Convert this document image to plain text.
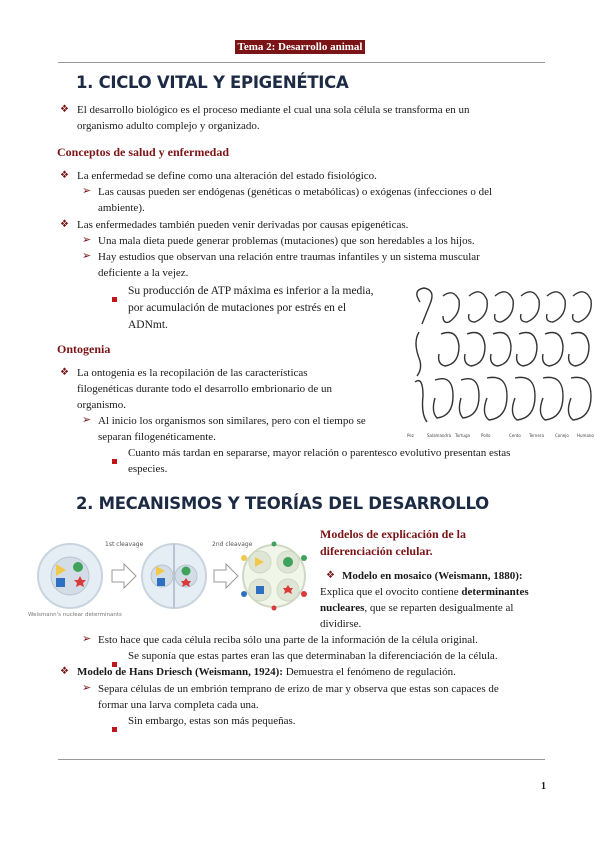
Tema 2: Desarrollo animal
1. CICLO VITAL Y EPIGENÉTICA
❖ El desarrollo biológico es el proceso mediante el cual una sola célula se transforma en un
organismo adulto complejo y organizado.
Conceptos de salud y enfermedad
❖ La enfermedad se define como una alteración del estado fisiológico.
➢ Las causas pueden ser endógenas (genéticas o metabólicas) o exógenas (infecciones o del
ambiente).
❖ Las enfermedades también pueden venir derivadas por causas epigenéticas.
➢ Una mala dieta puede generar problemas (mutaciones) que son heredables a los hijos.
➢ Hay estudios que observan una relación entre traumas infantiles y un sistema muscular
deficiente a la vejez.
Su producción de ATP máxima es inferior a la media,
por acumulación de mutaciones por estrés en el
ADNmt.
Ontogenia
❖ La ontogenia es la recopilación de las características
filogenéticas durante todo el desarrollo embrionario de un
organismo.
➢ Al inicio los organismos son similares, pero con el tiempo se
separan filogenéticamente.
Cuanto más tardan en separarse, mayor relación o parentesco evolutivo presentan estas
especies.
Pez	Salamandra Tortuga	Pollo	Cerdo Ternera	Conejo Humano
2. MECANISMOS Y TEORÍAS DEL DESARROLLO
1st cleavage	2nd cleavage
Weismann's nuclear determinants
Modelos de explicación de la
diferenciación celular.
❖ Modelo en mosaico (Weismann, 1880):
Explica que el ovocito contiene determinantes
nucleares, que se reparten desigualmente al
dividirse.
➢ Esto hace que cada célula reciba sólo una parte de la información de la célula original.
Se suponía que estas partes eran las que determinaban la diferenciación de la célula.
❖ Modelo de Hans Driesch (Weismann, 1924): Demuestra el fenómeno de regulación.
➢ Separa células de un embrión temprano de erizo de mar y observa que estas son capaces de
formar una larva completa cada una.
Sin embargo, estas son más pequeñas.
1
